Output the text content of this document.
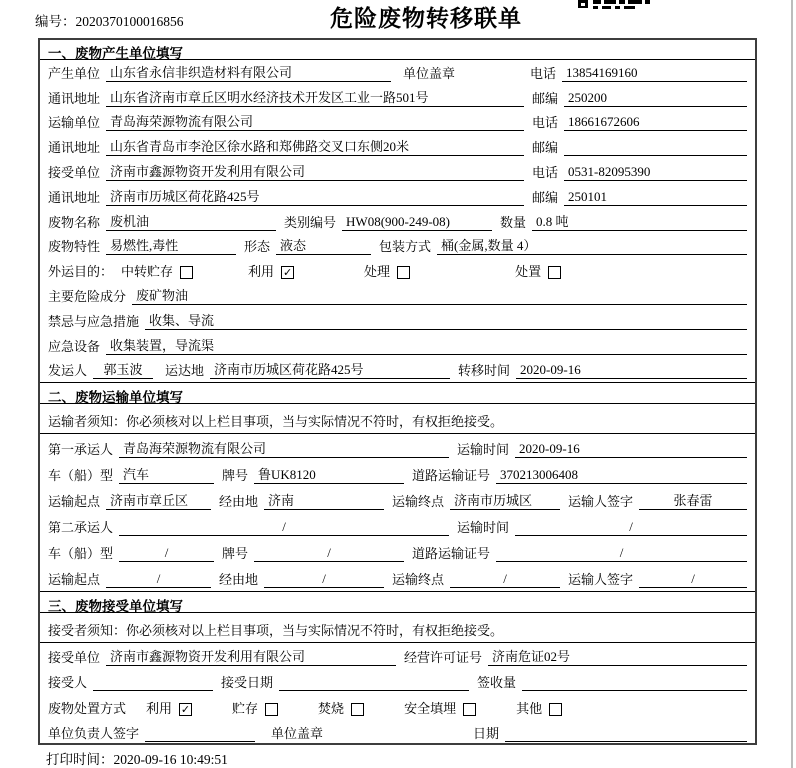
编号：2020370100016856	危险废物转移联单
一、废物产生单位填写
产生单位 山东省永信非织造材料有限公司	单位盖章	电话 13854169160
通讯地址 山东省济南市章丘区明水经济技术开发区工业一路501号	邮编 250200
运输单位 青岛海荣源物流有限公司	电话 18661672606
通讯地址 山东省青岛市李沧区徐水路和郑佛路交叉口东侧20米	邮编
接受单位 济南市鑫源物资开发利用有限公司	电话 0531-82095390
通讯地址 济南市历城区荷花路425号	邮编 250101
废物名称 废机油	类别编号 HW08(900-249-08)	数量 0.8 吨
废物特性 易燃性,毒性	形态 液态	包装方式 桶(金属,数量 4）
外运目的： 中转贮存	利用 ✓	处理	处置
主要危险成分 废矿物油
禁忌与应急措施 收集、导流
应急设备 收集装置，导流渠
发运人	郭玉波	运达地 济南市历城区荷花路425号	转移时间 2020-09-16
二、废物运输单位填写
运输者须知：你必须核对以上栏目事项，当与实际情况不符时，有权拒绝接受。
第一承运人 青岛海荣源物流有限公司	运输时间 2020-09-16
车（船）型 汽车	牌号 鲁UK8120	道路运输证号 370213006408
运输起点 济南市章丘区	经由地 济南	运输终点 济南市历城区	运输人签字	张春雷
第二承运人	/	运输时间	/
车（船）型	/	牌号	/	道路运输证号	/
运输起点	/	经由地	/	运输终点	/	运输人签字	/
三、废物接受单位填写
接受者须知：你必须核对以上栏目事项，当与实际情况不符时，有权拒绝接受。
接受单位 济南市鑫源物资开发利用有限公司	经营许可证号 济南危证02号
接受人	接受日期	签收量
废物处置方式 利用 ✓	贮存	焚烧	安全填埋	其他
单位负责人签字	单位盖章	日期
打印时间：2020-09-16 10:49:51
